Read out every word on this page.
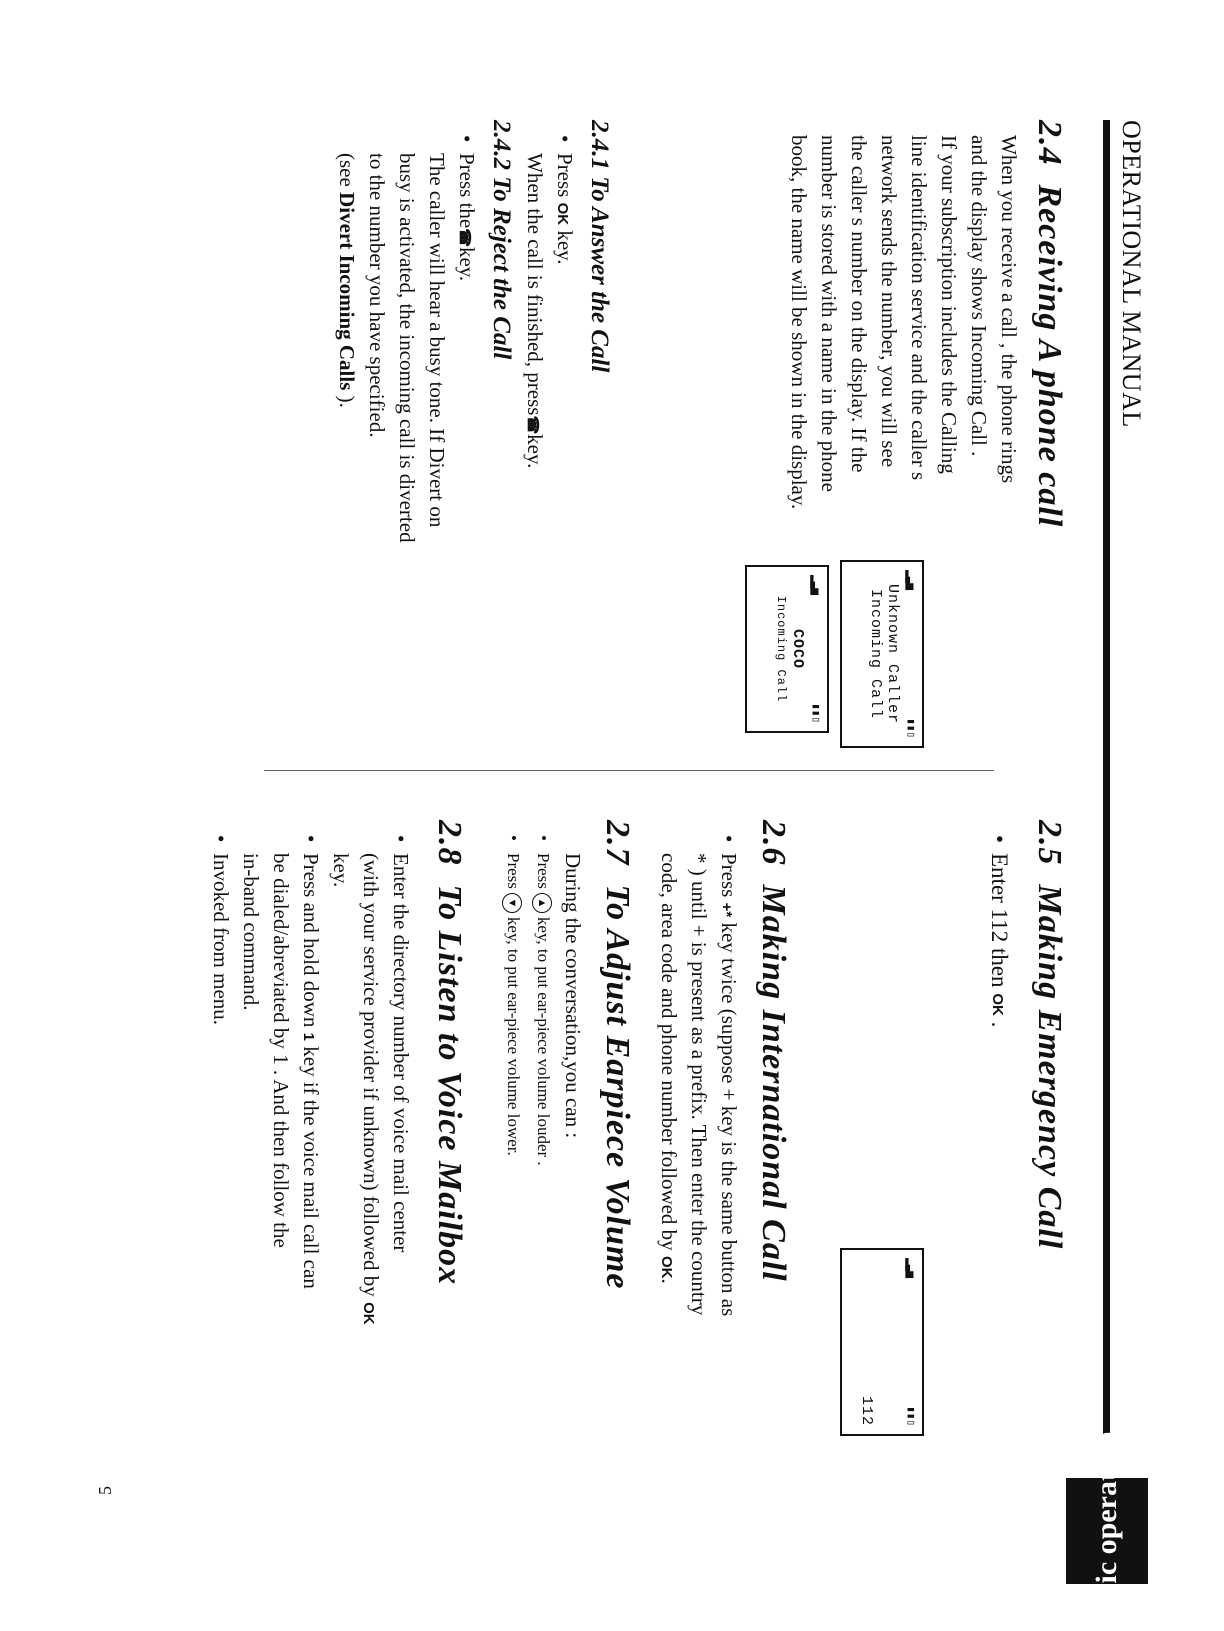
OPERATIONAL MANUAL
Basic operation
5
2.4  Receiving A phone call

When you receive a call , the phone rings

and the display shows Incoming Call .

If your subscription includes the Calling

line identification service and the caller s

network sends the number, you will see

the caller s number on the display. If the

number is stored with a name in the phone

book, the name will be shown in the display.

▂▃▅
▮▮▯
Unknown Caller
Incoming Call
▂▃▅
▮▮▯
COCO
Incoming Call
2.4.1 To Answer the Call

• Press OK key.

When the call is finished, press☎key.

2.4.2 To Reject the Call

• Press the☎key.

The caller will hear a busy tone. If Divert on

busy is activated, the incoming call is diverted

to the number you have specified.

(see Divert Incoming Calls ).

2.5  Making Emergency Call

• Enter 112 then OK .

▂▃▅
▮▮▯
112
2.6  Making International Call

• Press +* key twice (suppose + key is the same button as

* ) until + is present as a prefix. Then enter the country

code, area code and phone number followed by OK.

2.7  To Adjust Earpiece Volume

During the conversation,you can :

• Press▲key, to put ear-piece volume louder .

• Press▼key, to put ear-piece volume lower.

2.8  To Listen to Voice Mailbox

• Enter the directory number of voice mail center

(with your service provider if unknown) followed by OK

key.

• Press and hold down 1 key if the voice mail call can

be dialed/abreviated by 1 . And then follow the

in-band command.

• Invoked from menu.
